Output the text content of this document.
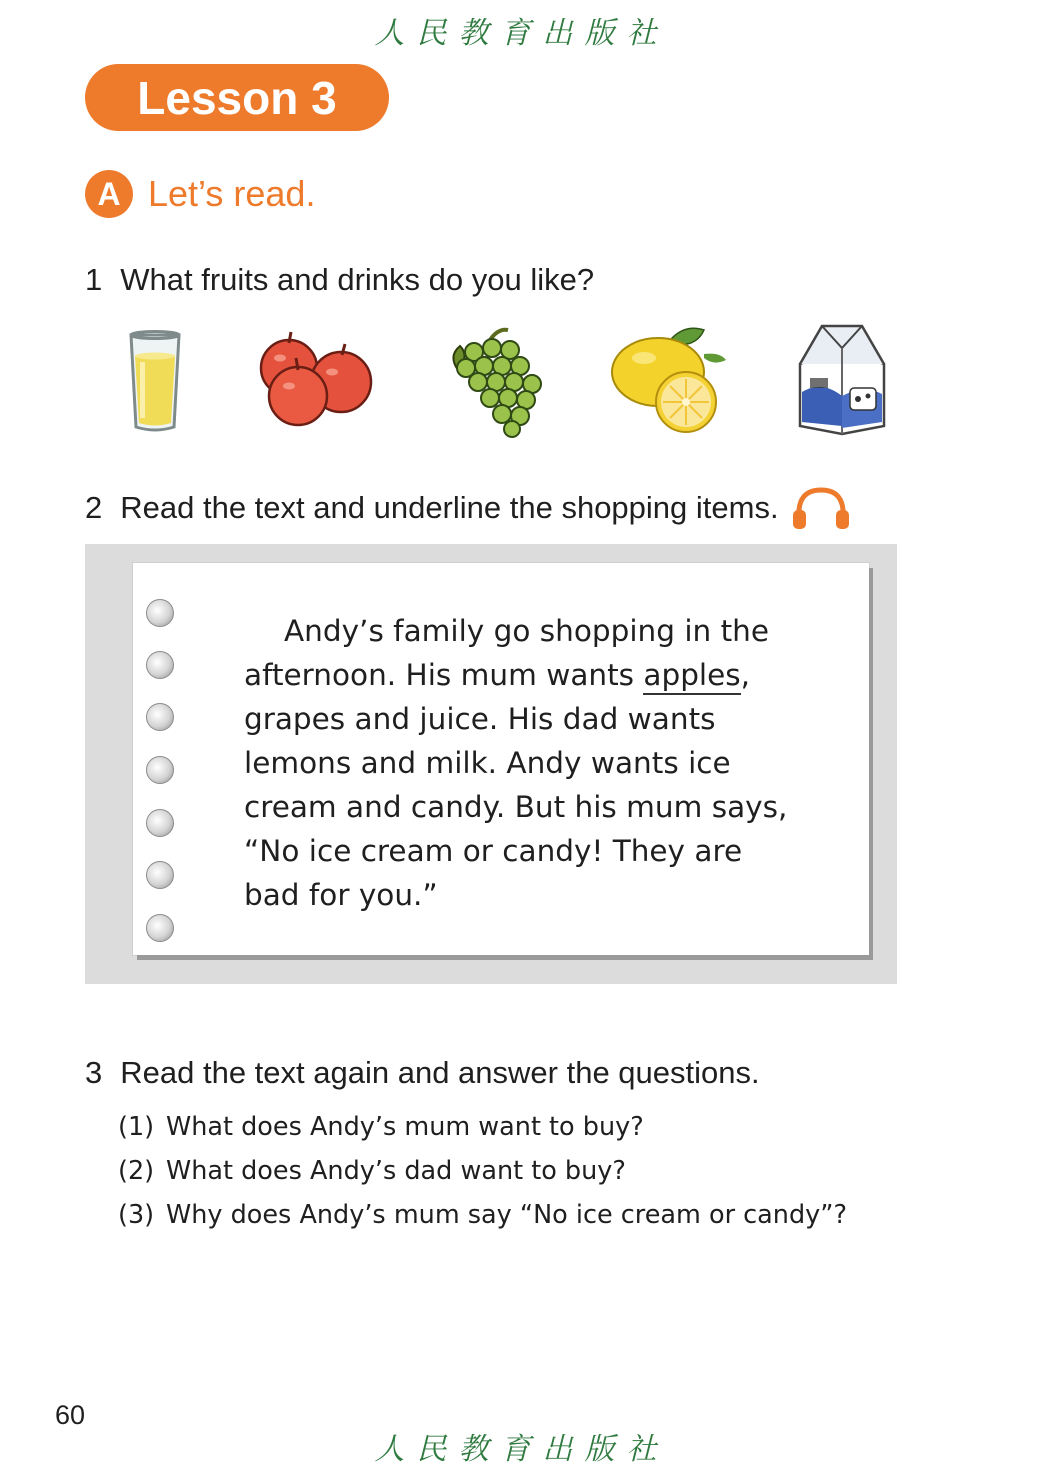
人民教育出版社
Lesson 3
A Let’s read.
1 What fruits and drinks do you like?
2 Read the text and underline the shopping items.
Andy’s family go shopping in the
afternoon. His mum wants apples,
grapes and juice. His dad wants
lemons and milk. Andy wants ice
cream and candy. But his mum says,
“No ice cream or candy! They are
bad for you.”
3 Read the text again and answer the questions.
(1) What does Andy’s mum want to buy?
(2) What does Andy’s dad want to buy?
(3) Why does Andy’s mum say “No ice cream or candy”?
60
人民教育出版社
